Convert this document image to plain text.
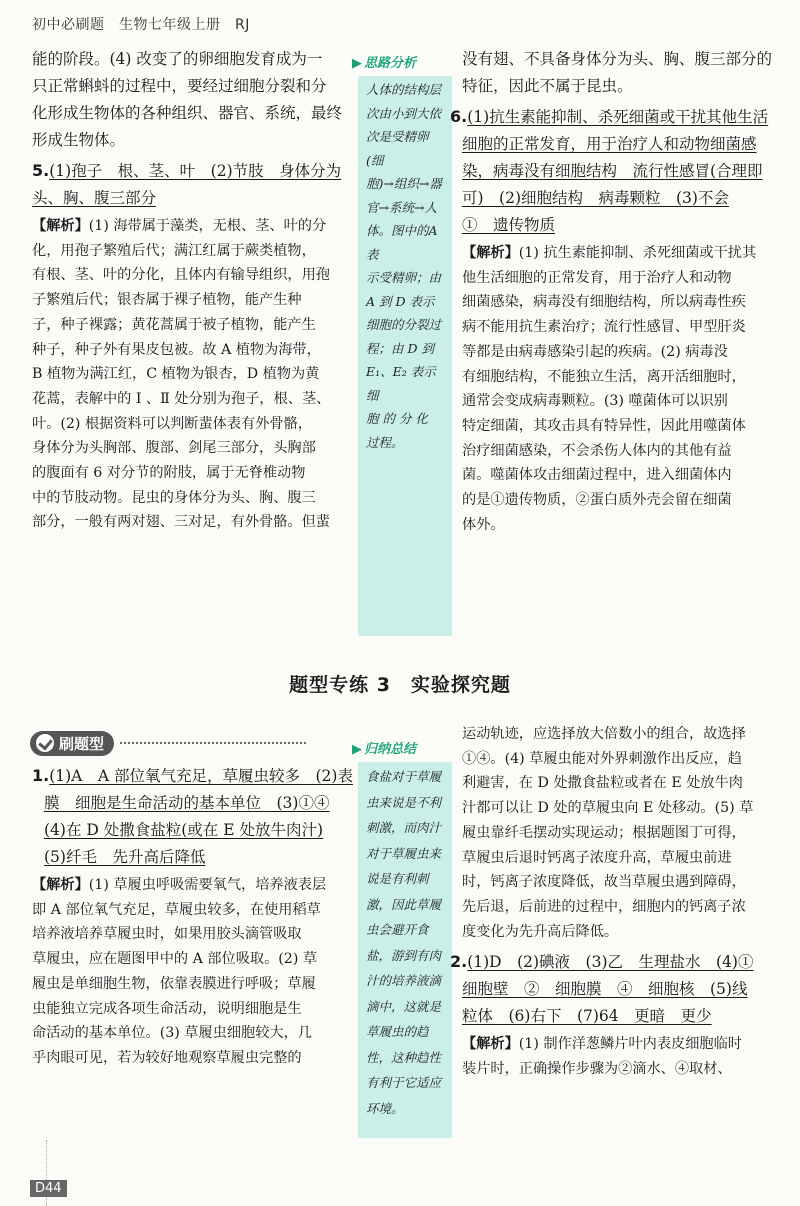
初中必刷题　生物七年级上册　RJ

能的阶段。(4) 改变了的卵细胞发育成为一

只正常蝌蚪的过程中，要经过细胞分裂和分

化形成生物体的各种组织、器官、系统，最终

形成生物体。

5.(1)孢子　根、茎、叶　(2)节肢　身体分为

头、胸、腹三部分

【解析】(1) 海带属于藻类，无根、茎、叶的分

化，用孢子繁殖后代；满江红属于蕨类植物，

有根、茎、叶的分化，且体内有输导组织，用孢

子繁殖后代；银杏属于裸子植物，能产生种

子，种子裸露；黄花蒿属于被子植物，能产生

种子，种子外有果皮包被。故 A 植物为海带，

B 植物为满江红，C 植物为银杏，D 植物为黄

花蒿，表解中的 Ⅰ 、Ⅱ 处分别为孢子，根、茎、

叶。(2) 根据资料可以判断蜚体表有外骨骼，

身体分为头胸部、腹部、剑尾三部分，头胸部

的腹面有 6 对分节的附肢，属于无脊椎动物

中的节肢动物。昆虫的身体分为头、胸、腹三

部分，一般有两对翅、三对足，有外骨骼。但蜚

▶ 思路分析

人体的结构层

次由小到大依

次是受精卵(细

胞)→组织→器

官→系统→人

体。图中的A表

示受精卵；由

A 到 D 表示

细胞的分裂过

程；由 D 到

E₁、E₂ 表示细

胞 的 分 化

过程。

没有翅、不具备身体分为头、胸、腹三部分的

特征，因此不属于昆虫。

6.(1)抗生素能抑制、杀死细菌或干扰其他生活

细胞的正常发育，用于治疗人和动物细菌感

染，病毒没有细胞结构　流行性感冒(合理即

可)　(2)细胞结构　病毒颗粒　(3)不会

①　遗传物质

【解析】(1) 抗生素能抑制、杀死细菌或干扰其

他生活细胞的正常发育，用于治疗人和动物

细菌感染，病毒没有细胞结构，所以病毒性疾

病不能用抗生素治疗；流行性感冒、甲型肝炎

等都是由病毒感染引起的疾病。(2) 病毒没

有细胞结构，不能独立生活，离开活细胞时，

通常会变成病毒颗粒。(3) 噬菌体可以识别

特定细菌，其攻击具有特异性，因此用噬菌体

治疗细菌感染，不会杀伤人体内的其他有益

菌。噬菌体攻击细菌过程中，进入细菌体内

的是①遗传物质，②蛋白质外壳会留在细菌

体外。

题型专练 3　实验探究题
刷题型

1.(1)A　A 部位氧气充足，草履虫较多　(2)表

膜　细胞是生命活动的基本单位　(3)①④

(4)在 D 处撒食盐粒(或在 E 处放牛肉汁)

(5)纤毛　先升高后降低

【解析】(1) 草履虫呼吸需要氧气，培养液表层

即 A 部位氧气充足，草履虫较多，在使用稻草

培养液培养草履虫时，如果用胶头滴管吸取

草履虫，应在题图甲中的 A 部位吸取。(2) 草

履虫是单细胞生物，依靠表膜进行呼吸；草履

虫能独立完成各项生命活动，说明细胞是生

命活动的基本单位。(3) 草履虫细胞较大，几

乎肉眼可见，若为较好地观察草履虫完整的

▶ 归纳总结

食盐对于草履

虫来说是不利

刺激，而肉汁

对于草履虫来

说是有利刺

激，因此草履

虫会避开食

盐，游到有肉

汁的培养液滴

滴中，这就是

草履虫的趋

性，这种趋性

有利于它适应

环境。

运动轨迹，应选择放大倍数小的组合，故选择

①④。(4) 草履虫能对外界刺激作出反应，趋

利避害，在 D 处撒食盐粒或者在 E 处放牛肉

汁都可以让 D 处的草履虫向 E 处移动。(5) 草

履虫靠纤毛摆动实现运动；根据题图丁可得，

草履虫后退时钙离子浓度升高，草履虫前进

时，钙离子浓度降低，故当草履虫遇到障碍，

先后退，后前进的过程中，细胞内的钙离子浓

度变化为先升高后降低。

2.(1)D　(2)碘液　(3)乙　生理盐水　(4)①

细胞壁　②　细胞膜　④　细胞核　(5)线

粒体　(6)右下　(7)64　更暗　更少

【解析】(1) 制作洋葱鳞片叶内表皮细胞临时

装片时，正确操作步骤为②滴水、④取材、

D44
